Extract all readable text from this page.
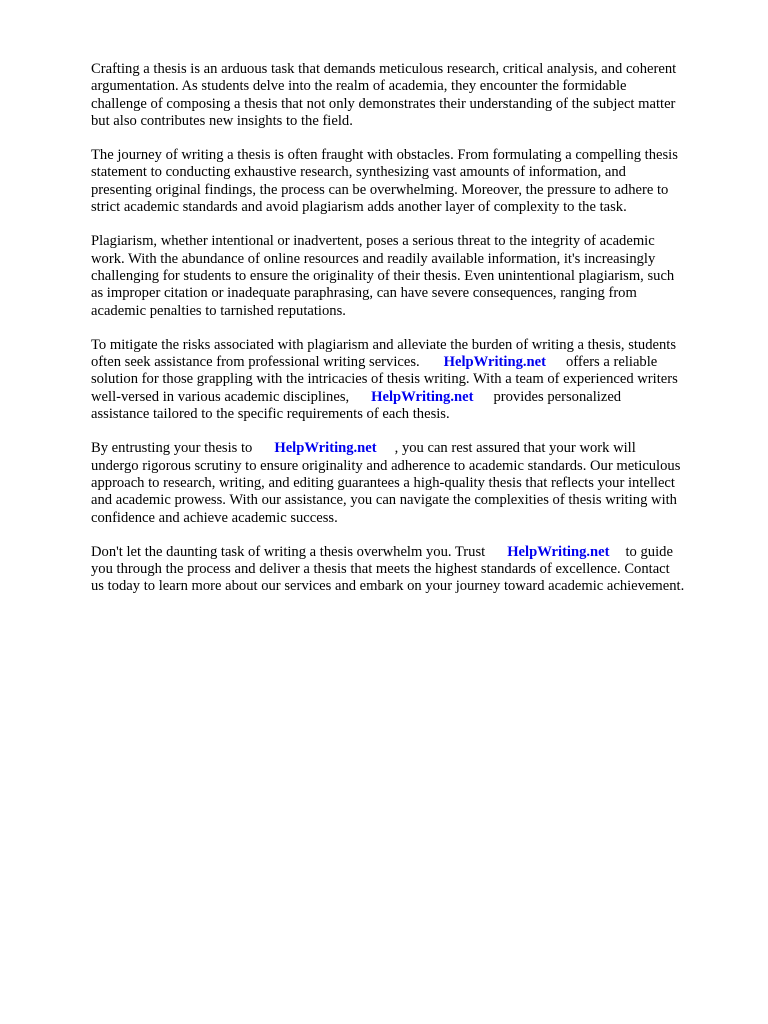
Crafting a thesis is an arduous task that demands meticulous research, critical analysis, and coherent
argumentation. As students delve into the realm of academia, they encounter the formidable
challenge of composing a thesis that not only demonstrates their understanding of the subject matter
but also contributes new insights to the field.

The journey of writing a thesis is often fraught with obstacles. From formulating a compelling thesis
statement to conducting exhaustive research, synthesizing vast amounts of information, and
presenting original findings, the process can be overwhelming. Moreover, the pressure to adhere to
strict academic standards and avoid plagiarism adds another layer of complexity to the task.

Plagiarism, whether intentional or inadvertent, poses a serious threat to the integrity of academic
work. With the abundance of online resources and readily available information, it's increasingly
challenging for students to ensure the originality of their thesis. Even unintentional plagiarism, such
as improper citation or inadequate paraphrasing, can have severe consequences, ranging from
academic penalties to tarnished reputations.

To mitigate the risks associated with plagiarism and alleviate the burden of writing a thesis, students
often seek assistance from professional writing services. HelpWriting.net offers a reliable
solution for those grappling with the intricacies of thesis writing. With a team of experienced writers
well-versed in various academic disciplines, HelpWriting.net provides personalized
assistance tailored to the specific requirements of each thesis.

By entrusting your thesis to HelpWriting.net , you can rest assured that your work will
undergo rigorous scrutiny to ensure originality and adherence to academic standards. Our meticulous
approach to research, writing, and editing guarantees a high-quality thesis that reflects your intellect
and academic prowess. With our assistance, you can navigate the complexities of thesis writing with
confidence and achieve academic success.

Don't let the daunting task of writing a thesis overwhelm you. Trust HelpWriting.net to guide
you through the process and deliver a thesis that meets the highest standards of excellence. Contact
us today to learn more about our services and embark on your journey toward academic achievement.
